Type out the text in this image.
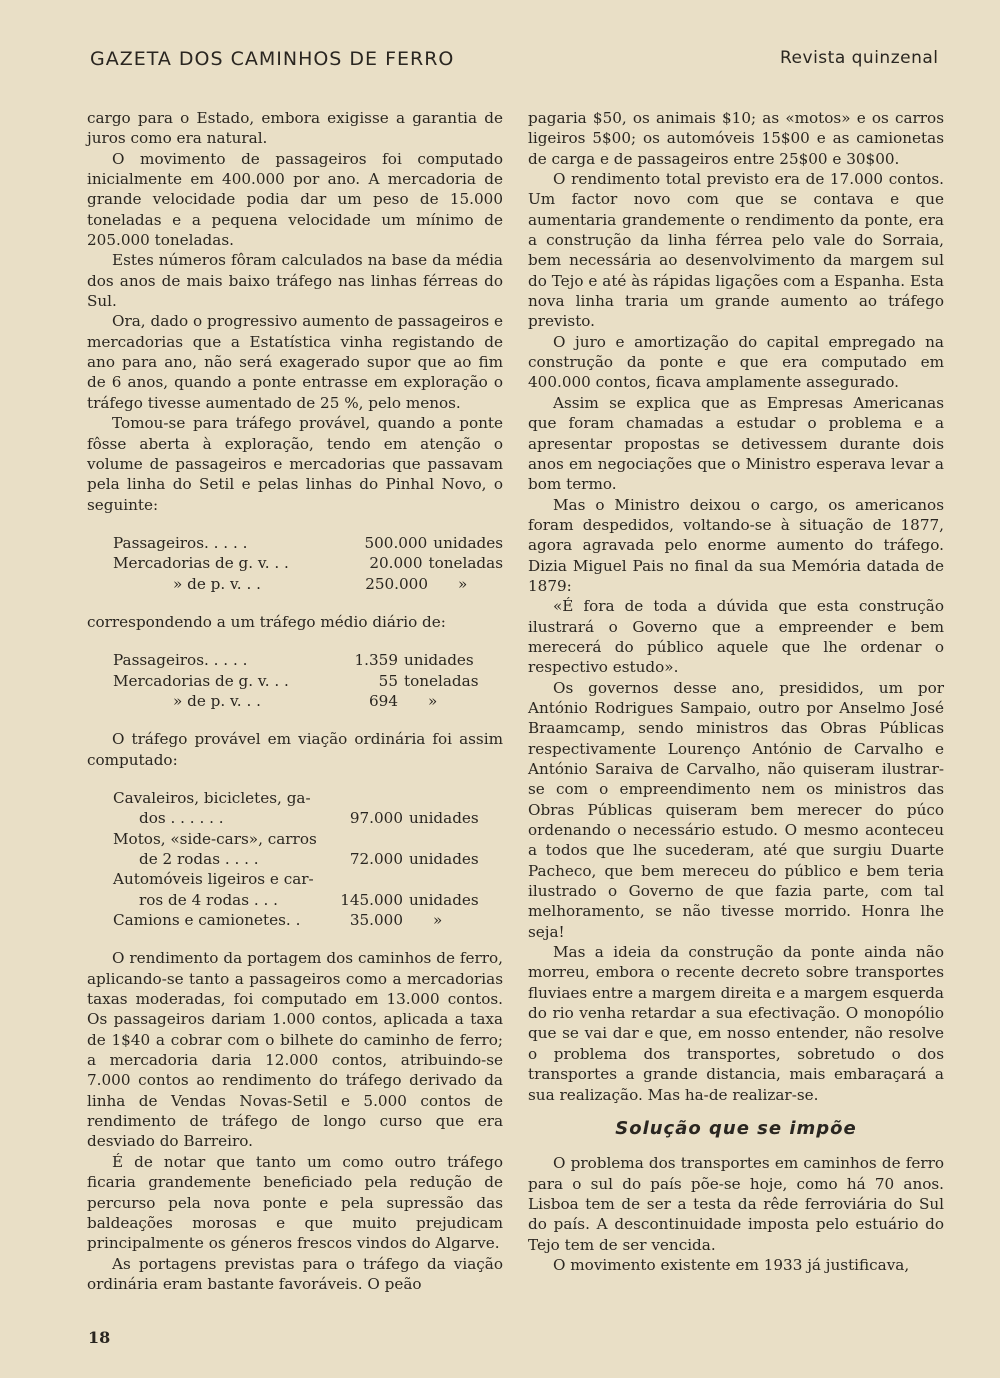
GAZETA DOS CAMINHOS DE FERRO	Revista quinzenal

cargo para o Estado, embora exigisse a garantia de juros como era natural.

O movimento de passageiros foi computado inicialmente em 400.000 por ano. A mercadoria de grande velocidade podia dar um peso de 15.000 toneladas e a pequena velocidade um mínimo de 205.000 toneladas.

Estes números fôram calculados na base da média dos anos de mais baixo tráfego nas linhas férreas do Sul.

Ora, dado o progressivo aumento de passageiros e mercadorias que a Estatística vinha registando de ano para ano, não será exagerado supor que ao fim de 6 anos, quando a ponte entrasse em exploração o tráfego tivesse aumentado de 25 %, pelo menos.

Tomou-se para tráfego provável, quando a ponte fôsse aberta à exploração, tendo em atenção o volume de passageiros e mercadorias que passavam pela linha do Setil e pelas linhas do Pinhal Novo, o seguinte:

Passageiros. . . . .	500.000 unidades
Mercadorias de g. v. . .	20.000 toneladas
» de p. v. . .	250.000	»

correspondendo a um tráfego médio diário de:

Passageiros. . . . .	1.359 unidades
Mercadorias de g. v. . .	55 toneladas
» de p. v. . .	694	»

O tráfego provável em viação ordinária foi assim computado:

Cavaleiros, bicicletes, ga-
dos . . . . . .	97.000 unidades
Motos, «side-cars», carros
de 2 rodas . . . .	72.000 unidades
Automóveis ligeiros e car-
ros de 4 rodas . . .	145.000 unidades
Camions e camionetes. .	35.000	»

O rendimento da portagem dos caminhos de ferro, aplicando-se tanto a passageiros como a mercadorias taxas moderadas, foi computado em 13.000 contos. Os passageiros dariam 1.000 contos, aplicada a taxa de 1$40 a cobrar com o bilhete do caminho de ferro; a mercadoria daria 12.000 contos, atribuindo-se 7.000 contos ao rendimento do tráfego derivado da linha de Vendas Novas-Setil e 5.000 contos de rendimento de tráfego de longo curso que era desviado do Barreiro.

É de notar que tanto um como outro tráfego ficaria grandemente beneficiado pela redução de percurso pela nova ponte e pela supressão das baldeações morosas e que muito prejudicam principalmente os géneros frescos vindos do Algarve.

As portagens previstas para o tráfego da viação ordinária eram bastante favoráveis. O peão

pagaria $50, os animais $10; as «motos» e os carros ligeiros 5$00; os automóveis 15$00 e as camionetas de carga e de passageiros entre 25$00 e 30$00.

O rendimento total previsto era de 17.000 contos. Um factor novo com que se contava e que aumentaria grandemente o rendimento da ponte, era a construção da linha férrea pelo vale do Sorraia, bem necessária ao desenvolvimento da margem sul do Tejo e até às rápidas ligações com a Espanha. Esta nova linha traria um grande aumento ao tráfego previsto.

O juro e amortização do capital empregado na construção da ponte e que era computado em 400.000 contos, ficava amplamente assegurado.

Assim se explica que as Empresas Americanas que foram chamadas a estudar o problema e a apresentar propostas se detivessem durante dois anos em negociações que o Ministro esperava levar a bom termo.

Mas o Ministro deixou o cargo, os americanos foram despedidos, voltando-se à situação de 1877, agora agravada pelo enorme aumento do tráfego. Dizia Miguel Pais no final da sua Memória datada de 1879:

«É fora de toda a dúvida que esta construção ilustrará o Governo que a empreender e bem merecerá do público aquele que lhe ordenar o respectivo estudo».

Os governos desse ano, presididos, um por António Rodrigues Sampaio, outro por Anselmo José Braamcamp, sendo ministros das Obras Públicas respectivamente Lourenço António de Carvalho e António Saraiva de Carvalho, não quiseram ilustrar-se com o empreendimento nem os ministros das Obras Públicas quiseram bem merecer do púco ordenando o necessário estudo. O mesmo aconteceu a todos que lhe sucederam, até que surgiu Duarte Pacheco, que bem mereceu do público e bem teria ilustrado o Governo de que fazia parte, com tal melhoramento, se não tivesse morrido. Honra lhe seja!

Mas a ideia da construção da ponte ainda não morreu, embora o recente decreto sobre transportes fluviaes entre a margem direita e a margem esquerda do rio venha retardar a sua efectivação. O monopólio que se vai dar e que, em nosso entender, não resolve o problema dos transportes, sobretudo o dos transportes a grande distancia, mais embaraçará a sua realização. Mas ha-de realizar-se.

Solução que se impõe

O problema dos transportes em caminhos de ferro para o sul do país põe-se hoje, como há 70 anos. Lisboa tem de ser a testa da rêde ferroviária do Sul do país. A descontinuidade imposta pelo estuário do Tejo tem de ser vencida.

O movimento existente em 1933 já justificava,

18
